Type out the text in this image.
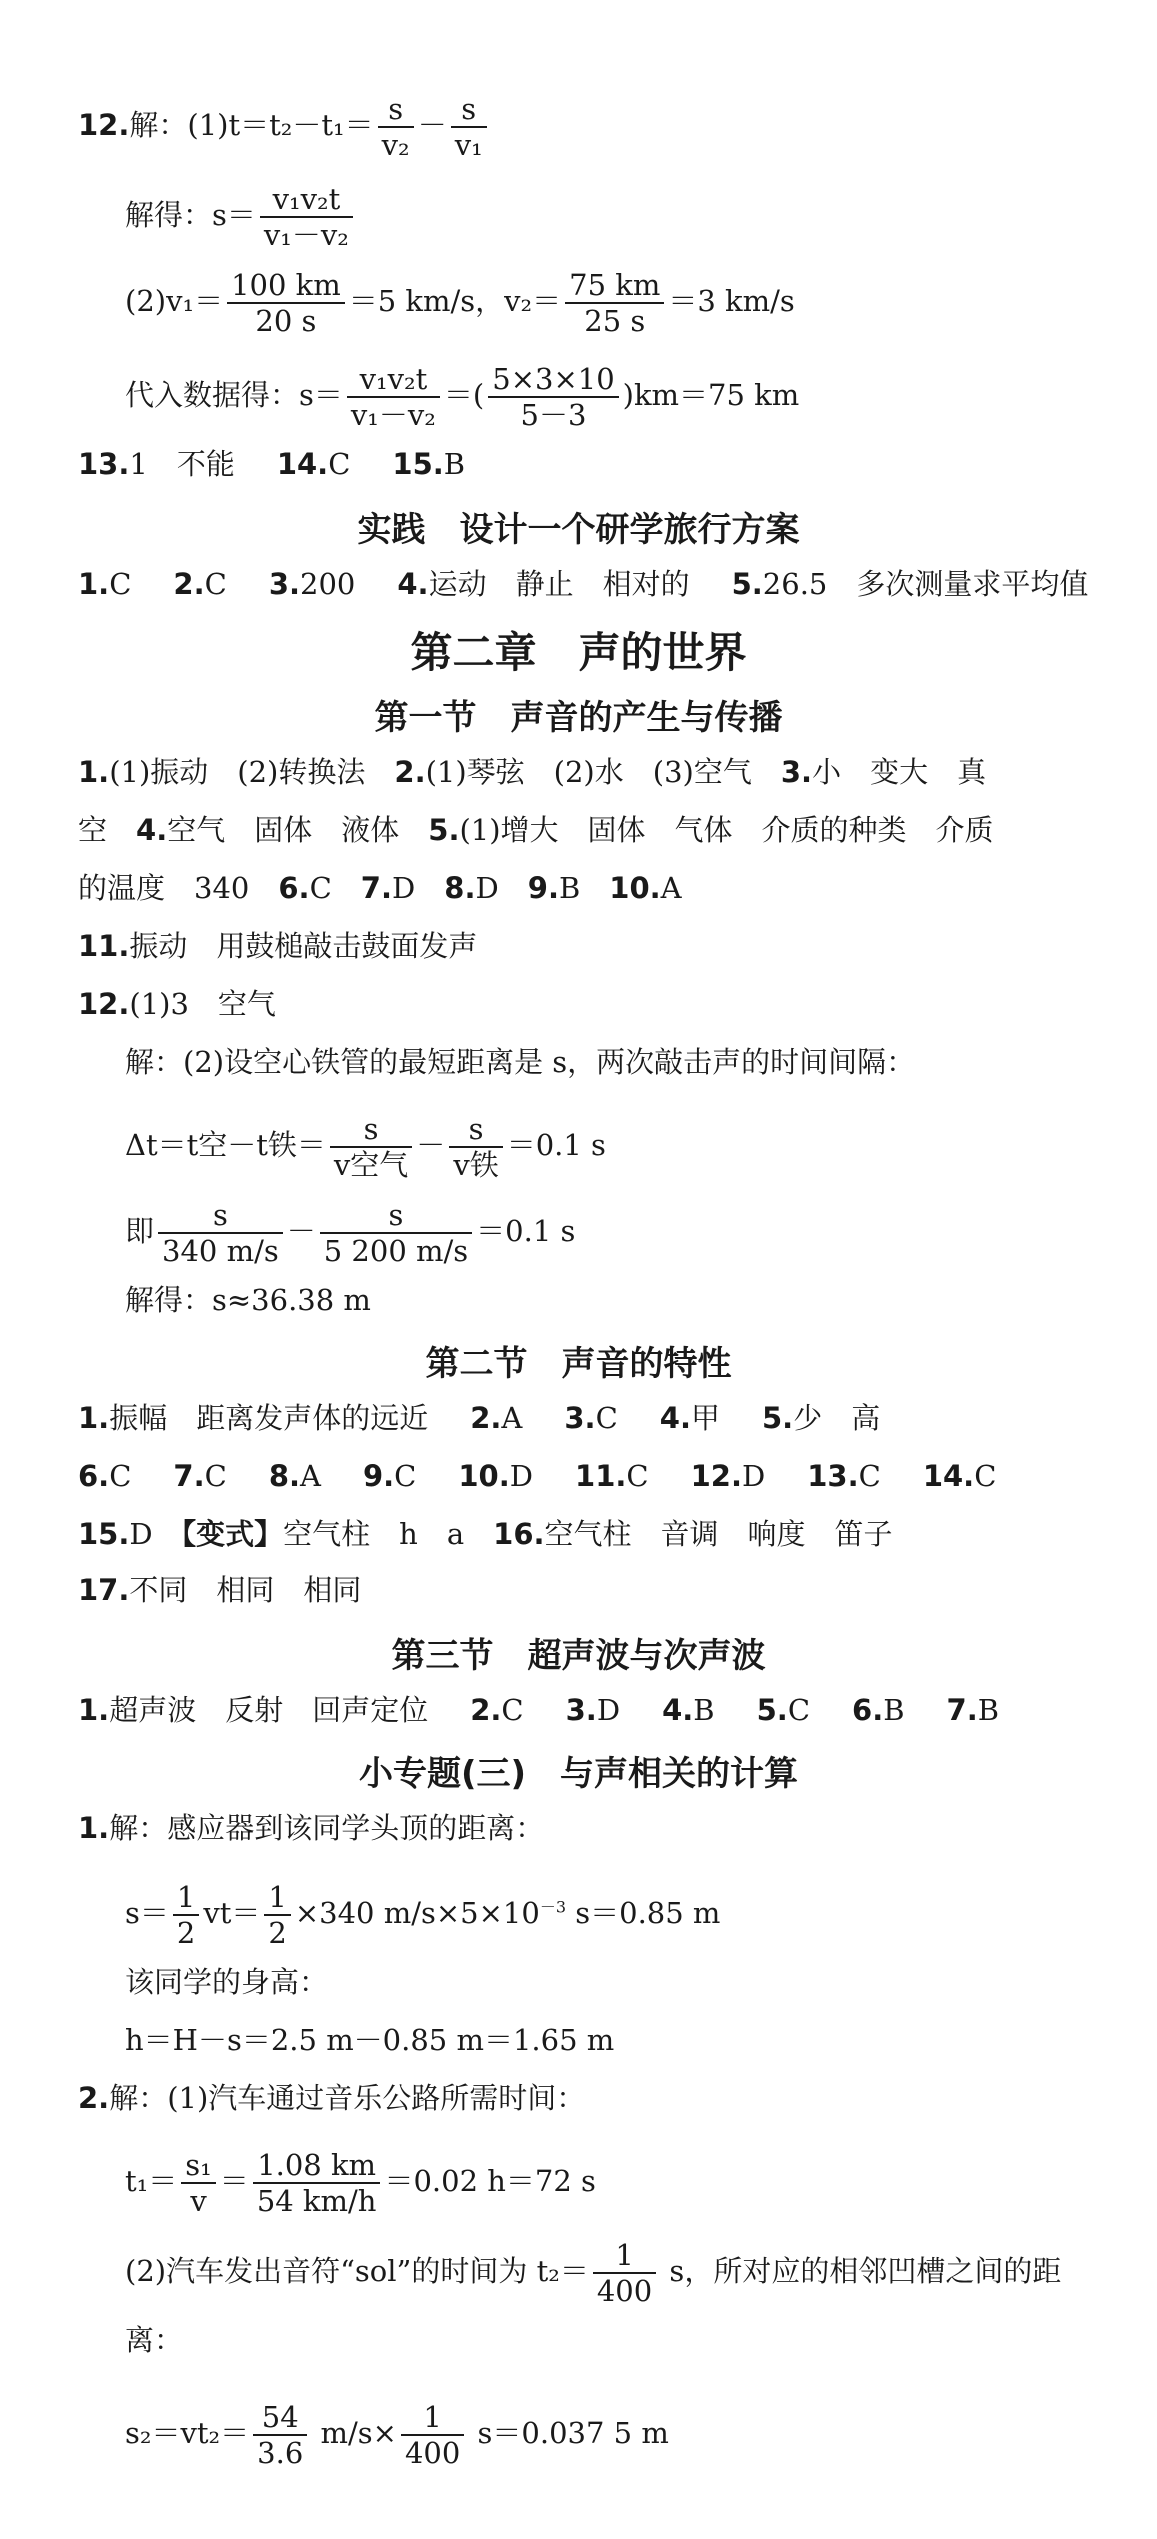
12.解：$(1)t=t_2-t_1= \frac{s}{\text{v₂}} - \frac{s}{\text{v₁}}$
解得：$s= \frac{\text{v₁v₂t}}{\text{v₁－v₂}}$
$(2)v_1= \frac{100 km}{20 s} =5$ km/s，$v_2= \frac{75 km}{25 s} =3$ km/s
代入数据得：$s= \frac{\text{v₁v₂t}}{\text{v₁－v₂}}$ ＝( $\frac{5\times 3\times 10}{5-3} )km=75$ km
13.1　不能 14.C 15.B
实践　设计一个研学旅行方案
1.C 2.C 3.200 4.运动　静止　相对的 5.26.5　多次测量求平均值
第二章　声的世界
第一节　声音的产生与传播
1.(1)振动　(2)转换法　 2.(1)琴弦　(2)水　(3)空气　 3.小　变大　真
空　 4.空气　固体　液体　 5.(1)增大　固体　气体　介质的种类　介质
的温度　340　 6.C　 7.D　 8.D　 9.B　 10.A
11.振动　用鼓槌敲击鼓面发声
12.(1)3　空气
解：(2)设空心铁管的最短距离是 s，两次敲击声的时间间隔：
Δt＝t空－t铁＝ $\frac{s}{\text{v空气}} - \frac{s}{\text{v铁}} =0.1$ s
即 $\frac{s}{340 m/s} - \frac{s}{5 200 m/s} =0.1$ s
解得：s≈36.38 m
第二节　声音的特性
1.振幅　距离发声体的远近 2.A 3.C 4.甲 5.少　高
6.C 7.C 8.A 9.C 10.D 11.C 12.D 13.C 14.C
15.D　 【变式】空气柱　h　a　 16.空气柱　音调　响度　笛子
17.不同　相同　相同
第三节　超声波与次声波
1.超声波　反射　回声定位 2.C 3.D 4.B 5.C 6.B 7.B
小专题(三)　与声相关的计算
1.解：感应器到该同学头顶的距离：
$s= \frac{1}{2} vt= \frac{1}{2} \times 340$ $m/s\times 5\times 10^{-3}$ s＝0.85 m
该同学的身高：
h＝H－s＝2.5 m－0.85 m＝1.65 m
2.解：(1)汽车通过音乐公路所需时间：
$t_1= \frac{\text{s₁}}{v} = \frac{1.08 km}{54 km/h} =0.02$ h＝72 s
(2)汽车发出音符“sol”的时间为 $t_2= \frac{1}{400}$ s，所对应的相邻凹槽之间的距
离：
$s_2=vt_2= \frac{54}{3.6} m/s\times \frac{1}{400} s=0.037$ 5 m
